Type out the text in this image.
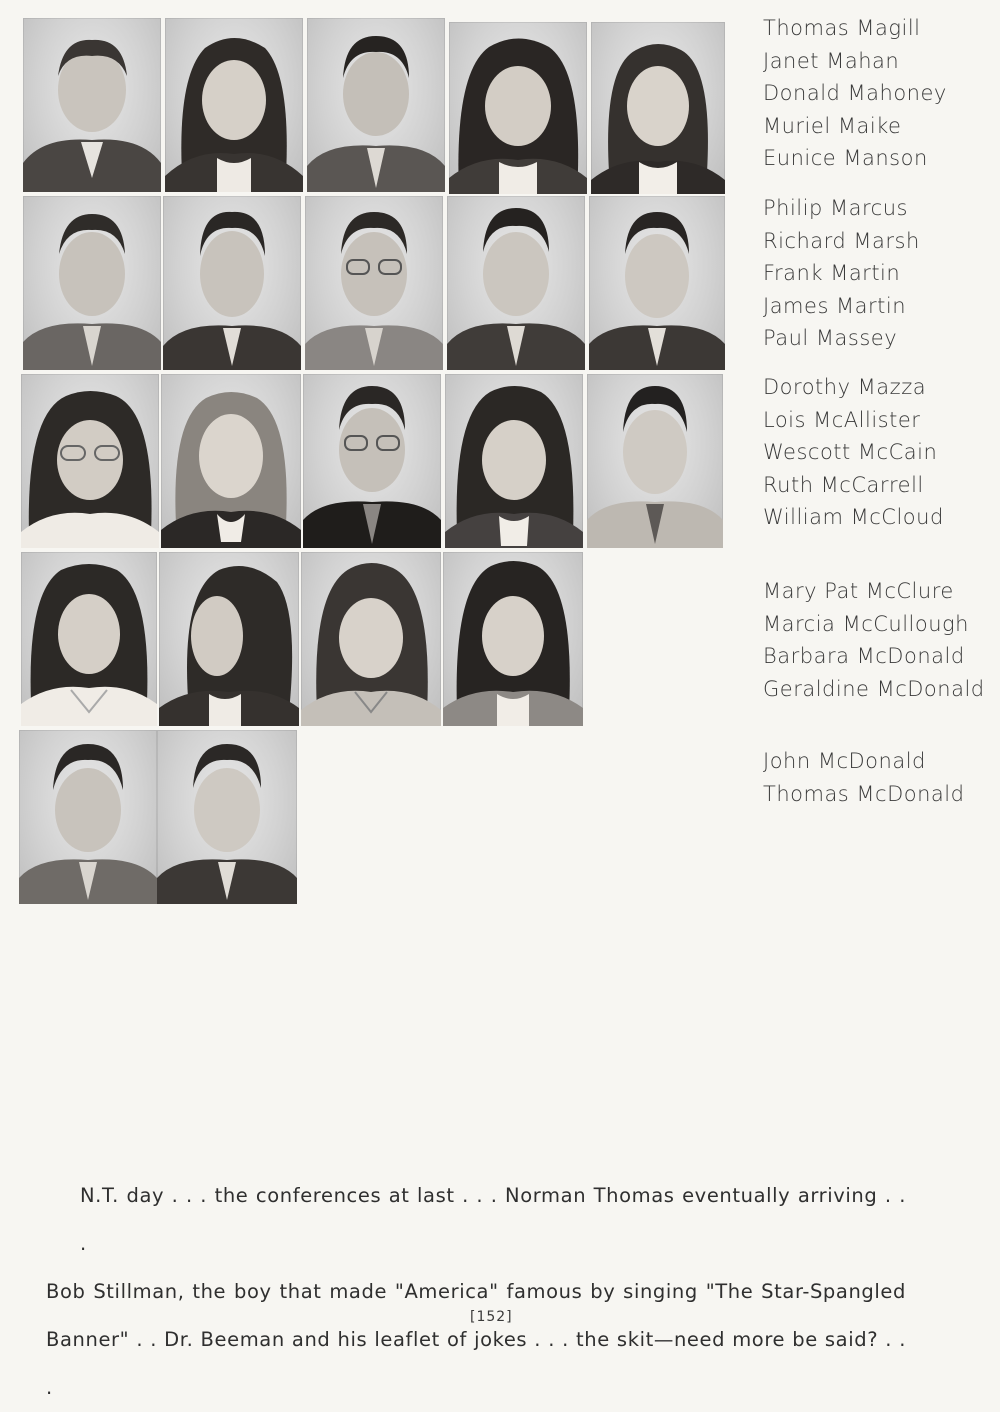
Thomas Magill
Janet Mahan
Donald Mahoney
Muriel Maike
Eunice Manson
Philip Marcus
Richard Marsh
Frank Martin
James Martin
Paul Massey
Dorothy Mazza
Lois McAllister
Wescott McCain
Ruth McCarrell
William McCloud
Mary Pat McClure
Marcia McCullough
Barbara McDonald
Geraldine McDonald
John McDonald
Thomas McDonald

N.T. day . . . the conferences at last . . . Norman Thomas eventually arriving . . .

Bob Stillman, the boy that made "America" famous by singing "The Star-Spangled

Banner" . . Dr. Beeman and his leaflet of jokes . . . the skit—need more be said? . . .

[152]
